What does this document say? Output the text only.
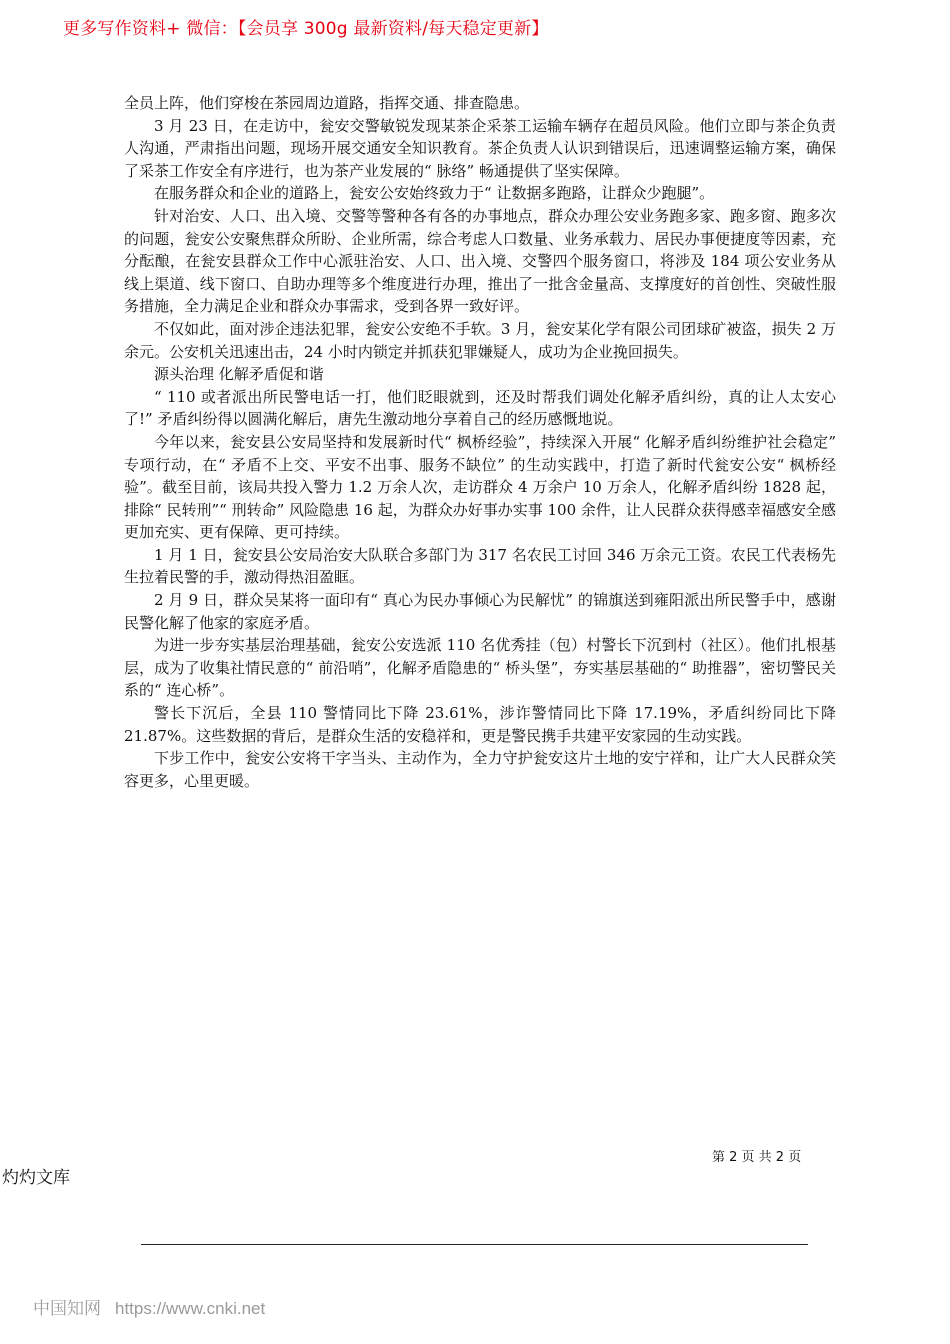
更多写作资料+ 微信：【会员享 300g 最新资料/每天稳定更新】

全员上阵，他们穿梭在茶园周边道路，指挥交通、排查隐患。

3 月 23 日，在走访中，瓮安交警敏锐发现某茶企采茶工运输车辆存在超员风险。他们立即与茶企负责人沟通，严肃指出问题，现场开展交通安全知识教育。茶企负责人认识到错误后，迅速调整运输方案，确保了采茶工作安全有序进行，也为茶产业发展的“ 脉络” 畅通提供了坚实保障。

在服务群众和企业的道路上，瓮安公安始终致力于“ 让数据多跑路，让群众少跑腿”。

针对治安、人口、出入境、交警等警种各有各的办事地点，群众办理公安业务跑多家、跑多窗、跑多次的问题，瓮安公安聚焦群众所盼、企业所需，综合考虑人口数量、业务承载力、居民办事便捷度等因素，充分酝酿，在瓮安县群众工作中心派驻治安、人口、出入境、交警四个服务窗口，将涉及 184 项公安业务从线上渠道、线下窗口、自助办理等多个维度进行办理，推出了一批含金量高、支撑度好的首创性、突破性服务措施，全力满足企业和群众办事需求，受到各界一致好评。

不仅如此，面对涉企违法犯罪，瓮安公安绝不手软。3 月，瓮安某化学有限公司团球矿被盗，损失 2 万余元。公安机关迅速出击，24 小时内锁定并抓获犯罪嫌疑人，成功为企业挽回损失。

源头治理 化解矛盾促和谐

“ 110 或者派出所民警电话一打，他们眨眼就到，还及时帮我们调处化解矛盾纠纷，真的让人太安心了!” 矛盾纠纷得以圆满化解后，唐先生激动地分享着自己的经历感慨地说。

今年以来，瓮安县公安局坚持和发展新时代“ 枫桥经验”，持续深入开展“ 化解矛盾纠纷维护社会稳定” 专项行动，在“ 矛盾不上交、平安不出事、服务不缺位” 的生动实践中，打造了新时代瓮安公安“ 枫桥经验”。截至目前，该局共投入警力 1.2 万余人次，走访群众 4 万余户 10 万余人，化解矛盾纠纷 1828 起，排除“ 民转刑”“ 刑转命” 风险隐患 16 起，为群众办好事办实事 100 余件，让人民群众获得感幸福感安全感更加充实、更有保障、更可持续。

1 月 1 日，瓮安县公安局治安大队联合多部门为 317 名农民工讨回 346 万余元工资。农民工代表杨先生拉着民警的手，激动得热泪盈眶。

2 月 9 日，群众吴某将一面印有“ 真心为民办事倾心为民解忧” 的锦旗送到雍阳派出所民警手中，感谢民警化解了他家的家庭矛盾。

为进一步夯实基层治理基础，瓮安公安选派 110 名优秀挂（包）村警长下沉到村（社区）。他们扎根基层，成为了收集社情民意的“ 前沿哨”，化解矛盾隐患的“ 桥头堡”，夯实基层基础的“ 助推器”，密切警民关系的“ 连心桥”。

警长下沉后，全县 110 警情同比下降 23.61%，涉诈警情同比下降 17.19%，矛盾纠纷同比下降 21.87%。这些数据的背后，是群众生活的安稳祥和，更是警民携手共建平安家园的生动实践。

下步工作中，瓮安公安将干字当头、主动作为，全力守护瓮安这片土地的安宁祥和，让广大人民群众笑容更多，心里更暖。

第 2 页 共 2 页
灼灼文库
中国知网 https://www.cnki.net
